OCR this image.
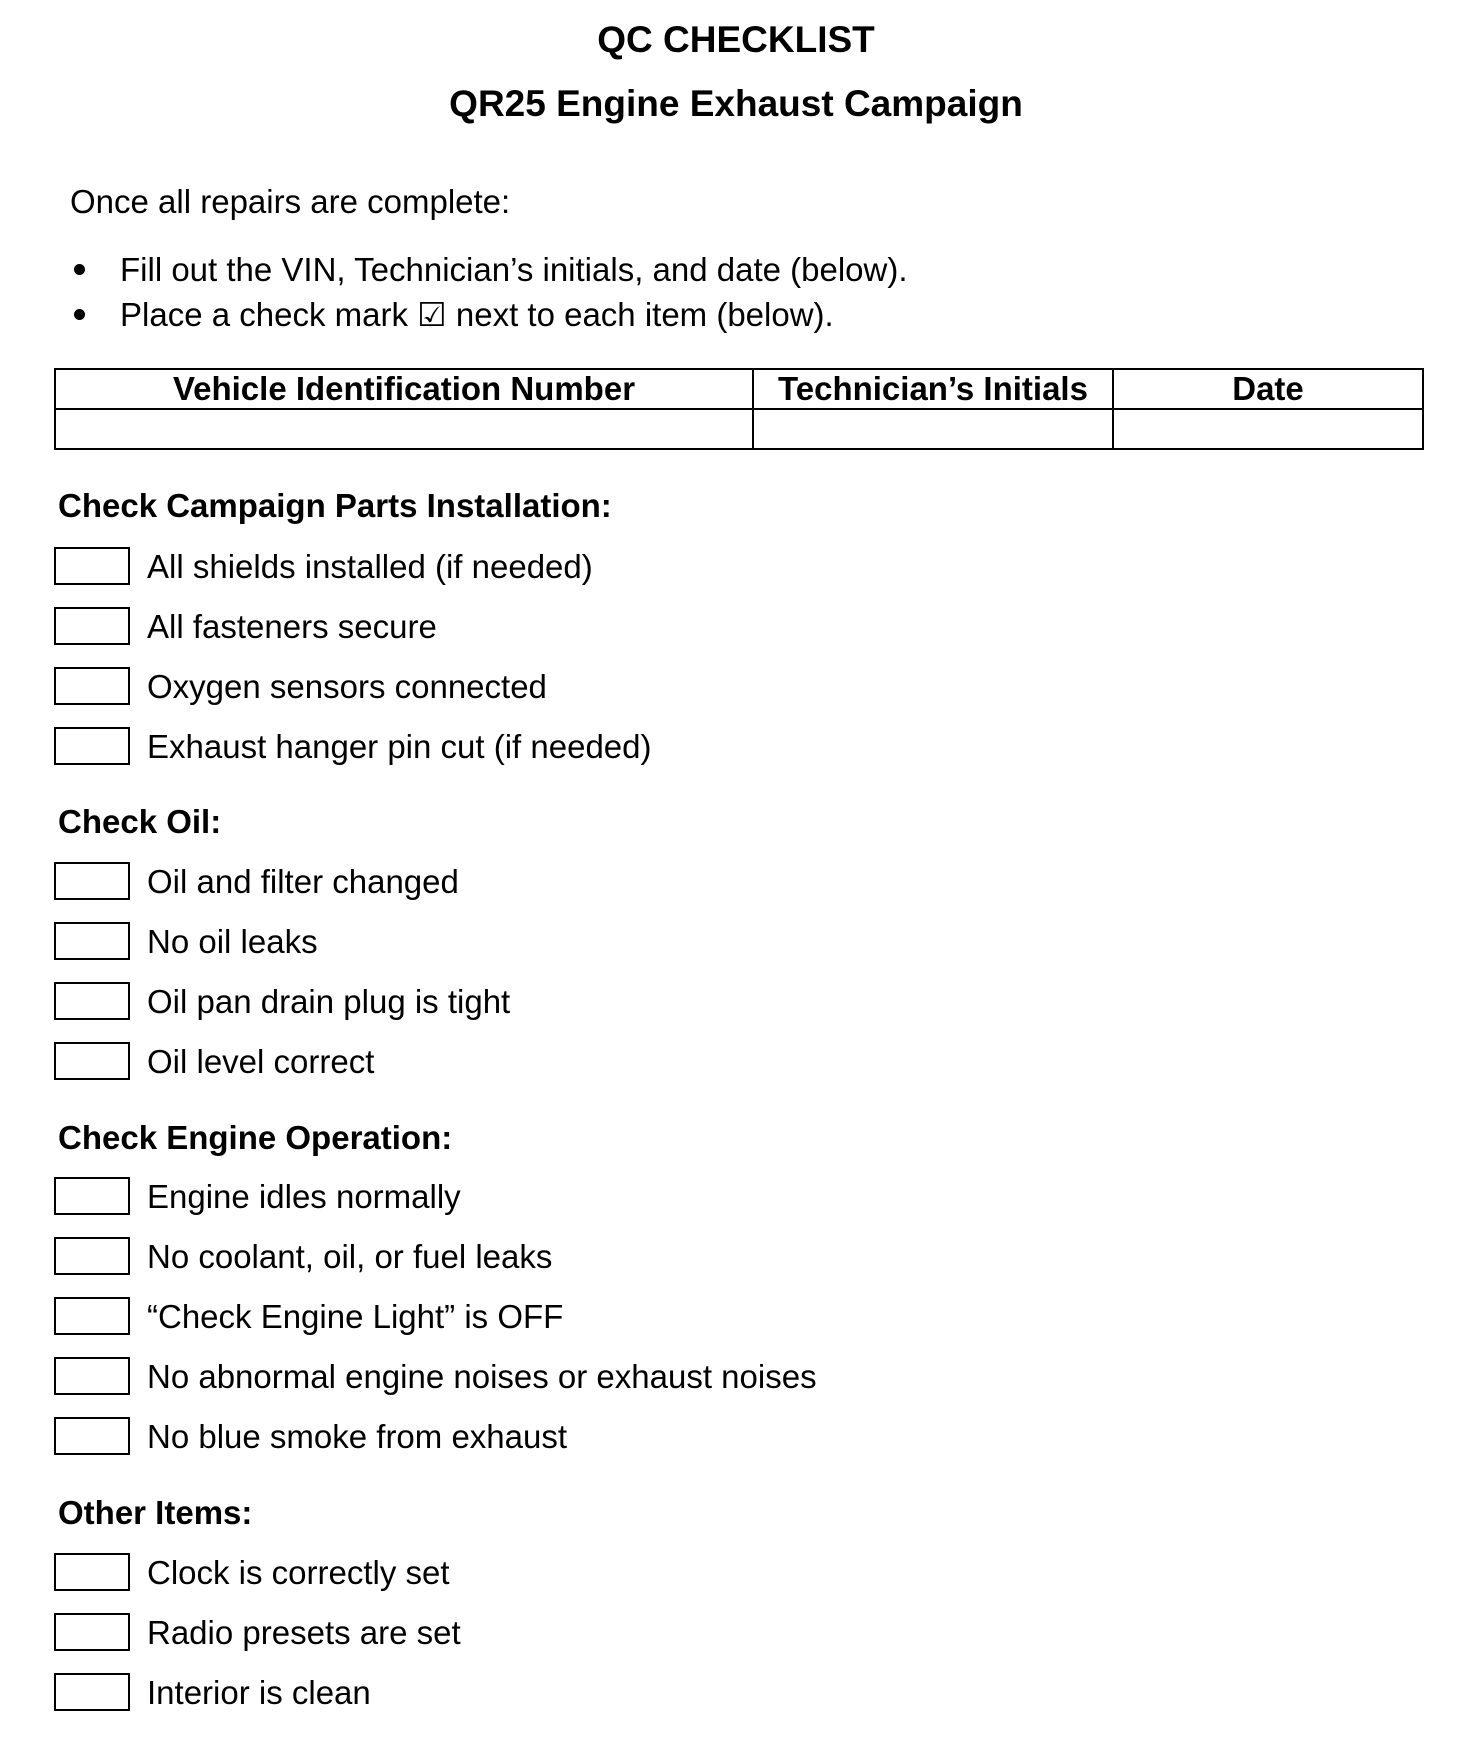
QC CHECKLIST
QR25 Engine Exhaust Campaign
Once all repairs are complete:
Fill out the VIN, Technician’s initials, and date (below).
Place a check mark ☑ next to each item (below).
Vehicle Identification Number	Technician’s Initials	Date

Check Campaign Parts Installation:
All shields installed (if needed)
All fasteners secure
Oxygen sensors connected
Exhaust hanger pin cut (if needed)
Check Oil:
Oil and filter changed
No oil leaks
Oil pan drain plug is tight
Oil level correct
Check Engine Operation:
Engine idles normally
No coolant, oil, or fuel leaks
“Check Engine Light” is OFF
No abnormal engine noises or exhaust noises
No blue smoke from exhaust
Other Items:
Clock is correctly set
Radio presets are set
Interior is clean
